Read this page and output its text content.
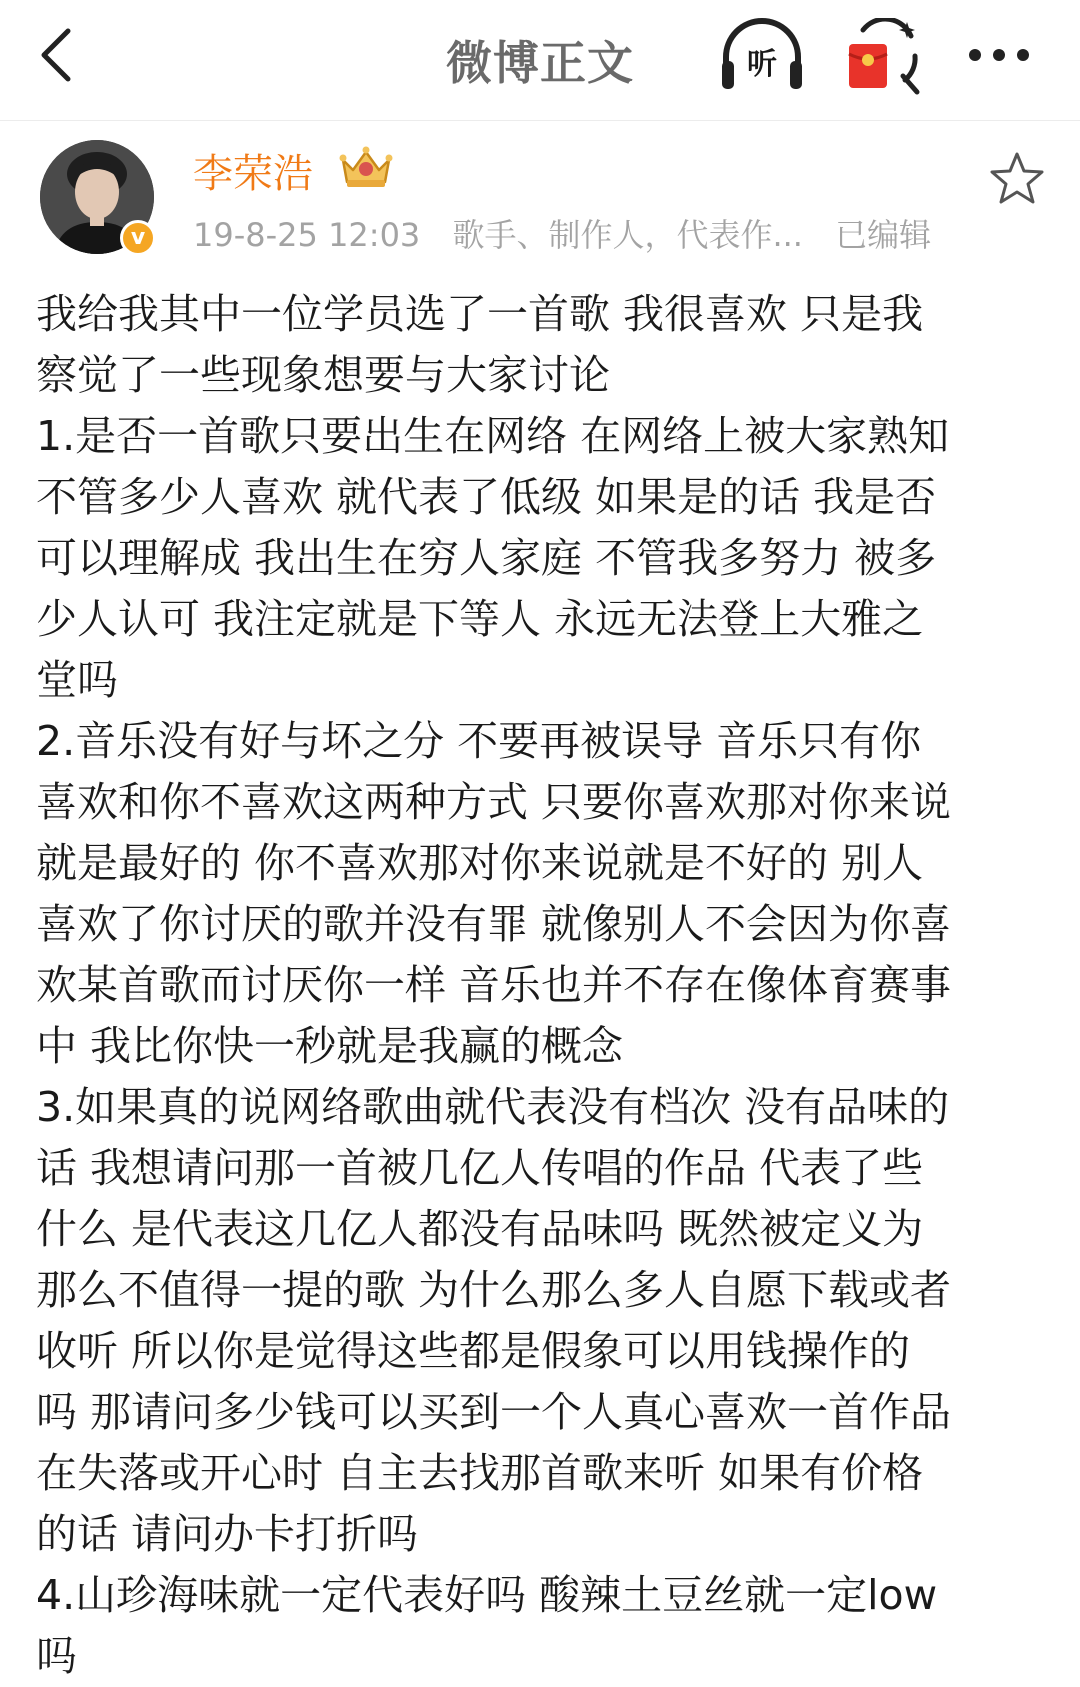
微博正文	听
v
李荣浩
19-8-25 12:03 歌手、制作人，代表作... 已编辑
我给我其中一位学员选了一首歌 我很喜欢 只是我
察觉了一些现象想要与大家讨论
1.是否一首歌只要出生在网络 在网络上被大家熟知
不管多少人喜欢 就代表了低级 如果是的话 我是否
可以理解成 我出生在穷人家庭 不管我多努力 被多
少人认可 我注定就是下等人 永远无法登上大雅之
堂吗
2.音乐没有好与坏之分 不要再被误导 音乐只有你
喜欢和你不喜欢这两种方式 只要你喜欢那对你来说
就是最好的 你不喜欢那对你来说就是不好的 别人
喜欢了你讨厌的歌并没有罪 就像别人不会因为你喜
欢某首歌而讨厌你一样 音乐也并不存在像体育赛事
中 我比你快一秒就是我赢的概念
3.如果真的说网络歌曲就代表没有档次 没有品味的
话 我想请问那一首被几亿人传唱的作品 代表了些
什么 是代表这几亿人都没有品味吗 既然被定义为
那么不值得一提的歌 为什么那么多人自愿下载或者
收听 所以你是觉得这些都是假象可以用钱操作的
吗 那请问多少钱可以买到一个人真心喜欢一首作品
在失落或开心时 自主去找那首歌来听 如果有价格
的话 请问办卡打折吗
4.山珍海味就一定代表好吗 酸辣土豆丝就一定low
吗
